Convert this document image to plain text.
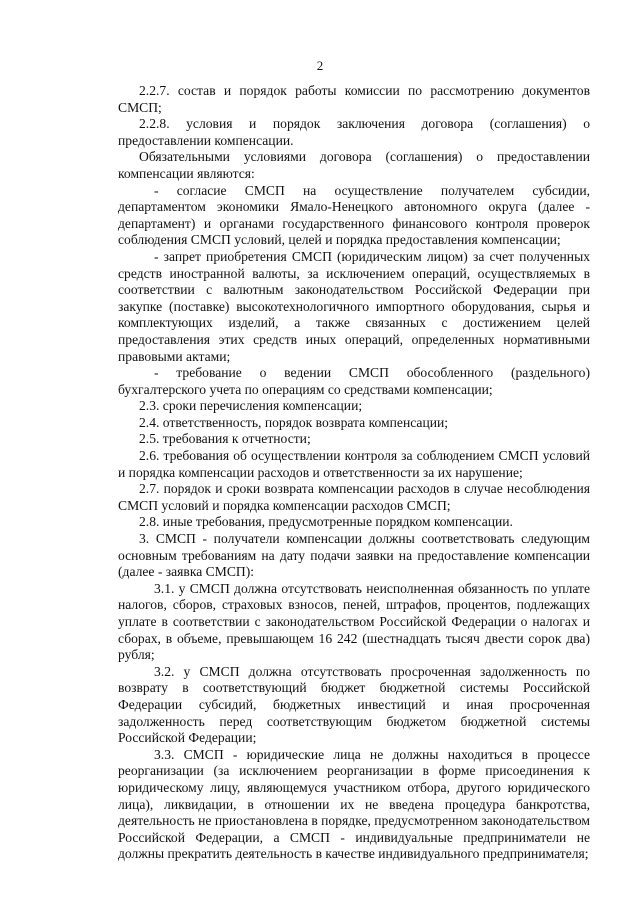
2

2.2.7. состав и порядок работы комиссии по рассмотрению документов СМСП;

2.2.8. условия и порядок заключения договора (соглашения) о предоставлении компенсации.

Обязательными условиями договора (соглашения) о предоставлении компенсации являются:

- согласие СМСП на осуществление получателем субсидии, департаментом экономики Ямало-Ненецкого автономного округа (далее - департамент) и органами государственного финансового контроля проверок соблюдения СМСП условий, целей и порядка предоставления компенсации;

- запрет приобретения СМСП (юридическим лицом) за счет полученных средств иностранной валюты, за исключением операций, осуществляемых в соответствии с валютным законодательством Российской Федерации при закупке (поставке) высокотехнологичного импортного оборудования, сырья и комплектующих изделий, а также связанных с достижением целей предоставления этих средств иных операций, определенных нормативными правовыми актами;

- требование о ведении СМСП обособленного (раздельного) бухгалтерского учета по операциям со средствами компенсации;

2.3. сроки перечисления компенсации;

2.4. ответственность, порядок возврата компенсации;

2.5. требования к отчетности;

2.6. требования об осуществлении контроля за соблюдением СМСП условий и порядка компенсации расходов и ответственности за их нарушение;

2.7. порядок и сроки возврата компенсации расходов в случае несоблюдения СМСП условий и порядка компенсации расходов СМСП;

2.8. иные требования, предусмотренные порядком компенсации.

3. СМСП - получатели компенсации должны соответствовать следующим основным требованиям на дату подачи заявки на предоставление компенсации (далее - заявка СМСП):

3.1. у СМСП должна отсутствовать неисполненная обязанность по уплате налогов, сборов, страховых взносов, пеней, штрафов, процентов, подлежащих уплате в соответствии с законодательством Российской Федерации о налогах и сборах, в объеме, превышающем 16 242 (шестнадцать тысяч двести сорок два) рубля;

3.2. у СМСП должна отсутствовать просроченная задолженность по возврату в соответствующий бюджет бюджетной системы Российской Федерации субсидий, бюджетных инвестиций и иная просроченная задолженность перед соответствующим бюджетом бюджетной системы Российской Федерации;

3.3. СМСП - юридические лица не должны находиться в процессе реорганизации (за исключением реорганизации в форме присоединения к юридическому лицу, являющемуся участником отбора, другого юридического лица), ликвидации, в отношении их не введена процедура банкротства, деятельность не приостановлена в порядке, предусмотренном законодательством Российской Федерации, а СМСП - индивидуальные предприниматели не должны прекратить деятельность в качестве индивидуального предпринимателя;
